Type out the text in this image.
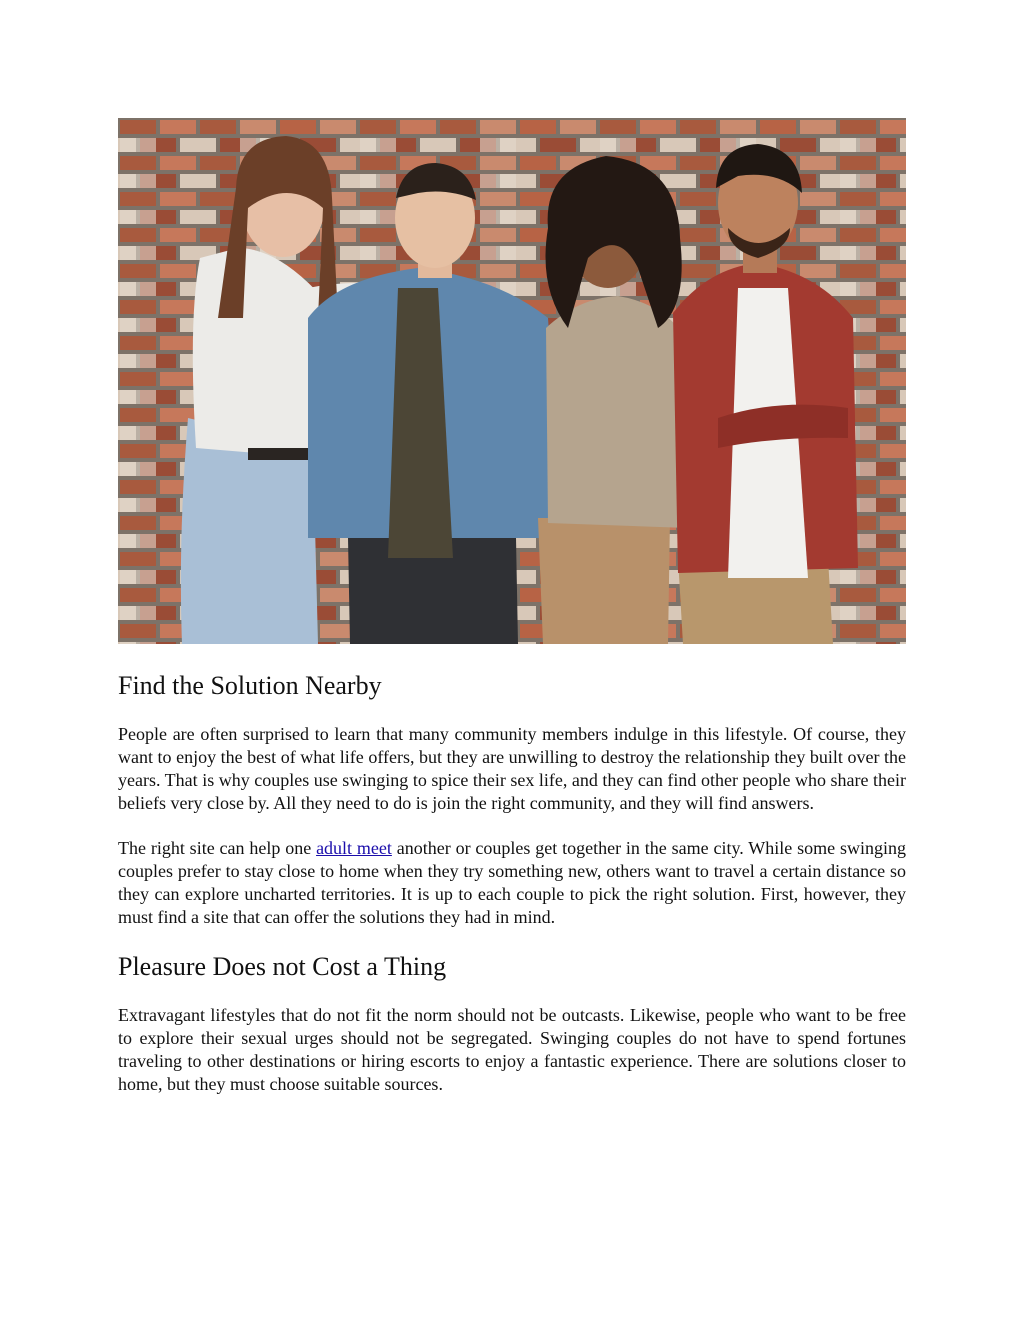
Find the Solution Nearby

People are often surprised to learn that many community members indulge in this lifestyle. Of course, they want to enjoy the best of what life offers, but they are unwilling to destroy the relationship they built over the years. That is why couples use swinging to spice their sex life, and they can find other people who share their beliefs very close by. All they need to do is join the right community, and they will find answers.

The right site can help one adult meet another or couples get together in the same city. While some swinging couples prefer to stay close to home when they try something new, others want to travel a certain distance so they can explore uncharted territories. It is up to each couple to pick the right solution. First, however, they must find a site that can offer the solutions they had in mind.

Pleasure Does not Cost a Thing

Extravagant lifestyles that do not fit the norm should not be outcasts. Likewise, people who want to be free to explore their sexual urges should not be segregated. Swinging couples do not have to spend fortunes traveling to other destinations or hiring escorts to enjoy a fantastic experience. There are solutions closer to home, but they must choose suitable sources.
